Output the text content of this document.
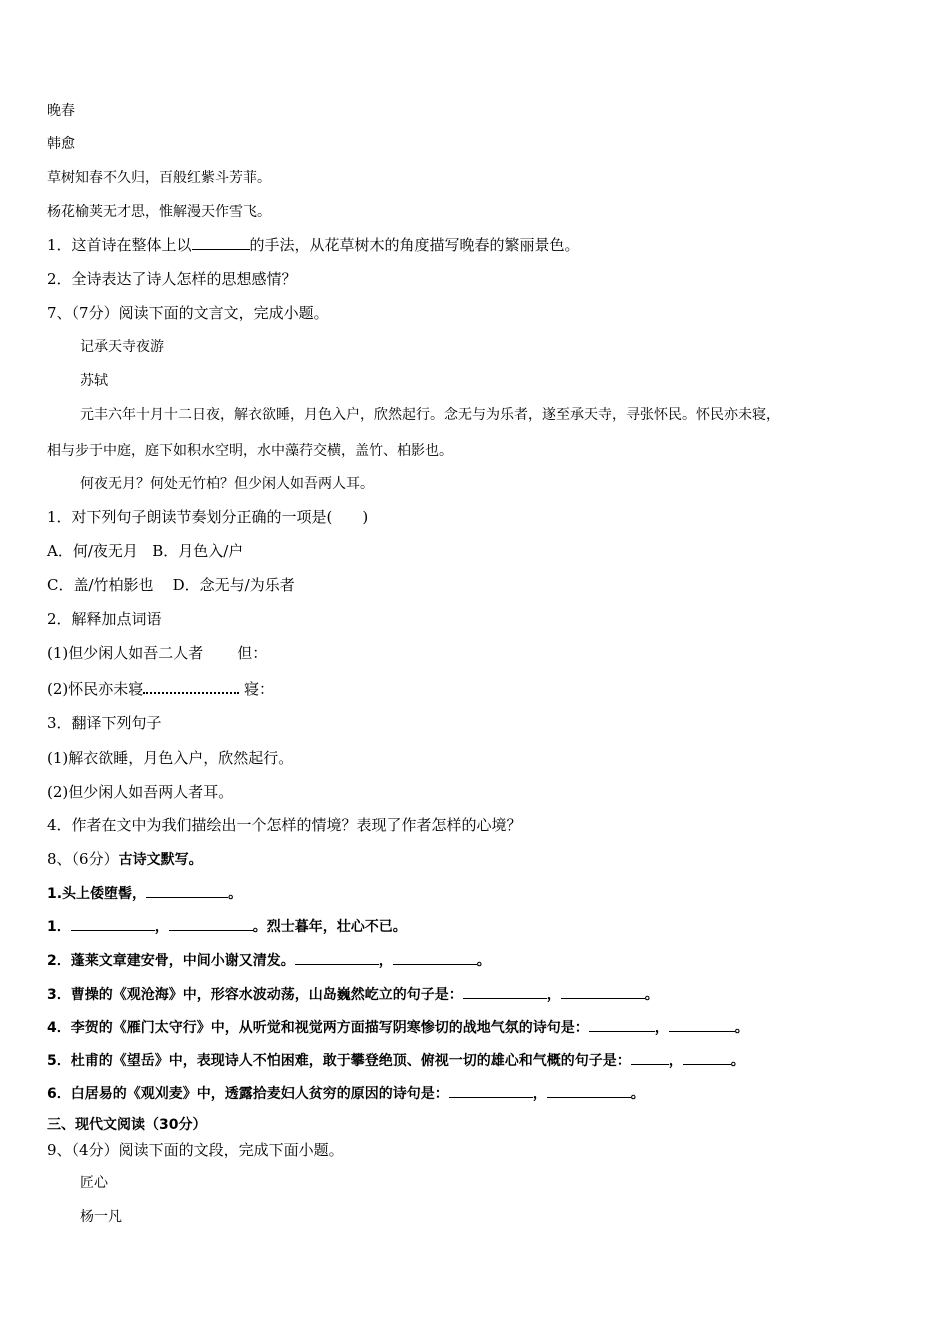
晚春
韩愈
草树知春不久归，百般红紫斗芳菲。
杨花榆荚无才思，惟解漫天作雪飞。
1．这首诗在整体上以	的手法，从花草树木的角度描写晚春的繁丽景色。
2．全诗表达了诗人怎样的思想感情？
7、（7分）阅读下面的文言文，完成小题。
记承天寺夜游
苏轼
元丰六年十月十二日夜，解衣欲睡，月色入户，欣然起行。念无与为乐者，遂至承天寺，寻张怀民。怀民亦未寝，
相与步于中庭，庭下如积水空明，水中藻荇交横，盖竹、柏影也。
何夜无月？何处无竹柏？但少闲人如吾两人耳。
1．对下列句子朗读节奏划分正确的一项是(　　)
A．何/夜无月 B．月色入/户
C．盖/竹柏影也 D．念无与/为乐者
2．解释加点词语
(1)但少闲人如吾二人者 但：
(2)怀民亦未寝	寝：
3．翻译下列句子
(1)解衣欲睡，月色入户，欣然起行。
(2)但少闲人如吾两人者耳。
4．作者在文中为我们描绘出一个怎样的情境？表现了作者怎样的心境？
8、（6分）古诗文默写。
1.头上倭堕髻，	。
1．	，	。烈士暮年，壮心不已。
2．蓬莱文章建安骨，中间小谢又清发。	，	。
3．曹操的《观沧海》中，形容水波动荡，山岛巍然屹立的句子是：	，	。
4．李贺的《雁门太守行》中，从听觉和视觉两方面描写阴寒惨切的战地气氛的诗句是：	，	。
5．杜甫的《望岳》中，表现诗人不怕困难，敢于攀登绝顶、俯视一切的雄心和气概的句子是：	，	。
6．白居易的《观刈麦》中，透露拾麦妇人贫穷的原因的诗句是：	，	。
三、现代文阅读（30分）
9、（4分）阅读下面的文段，完成下面小题。
匠心
杨一凡
